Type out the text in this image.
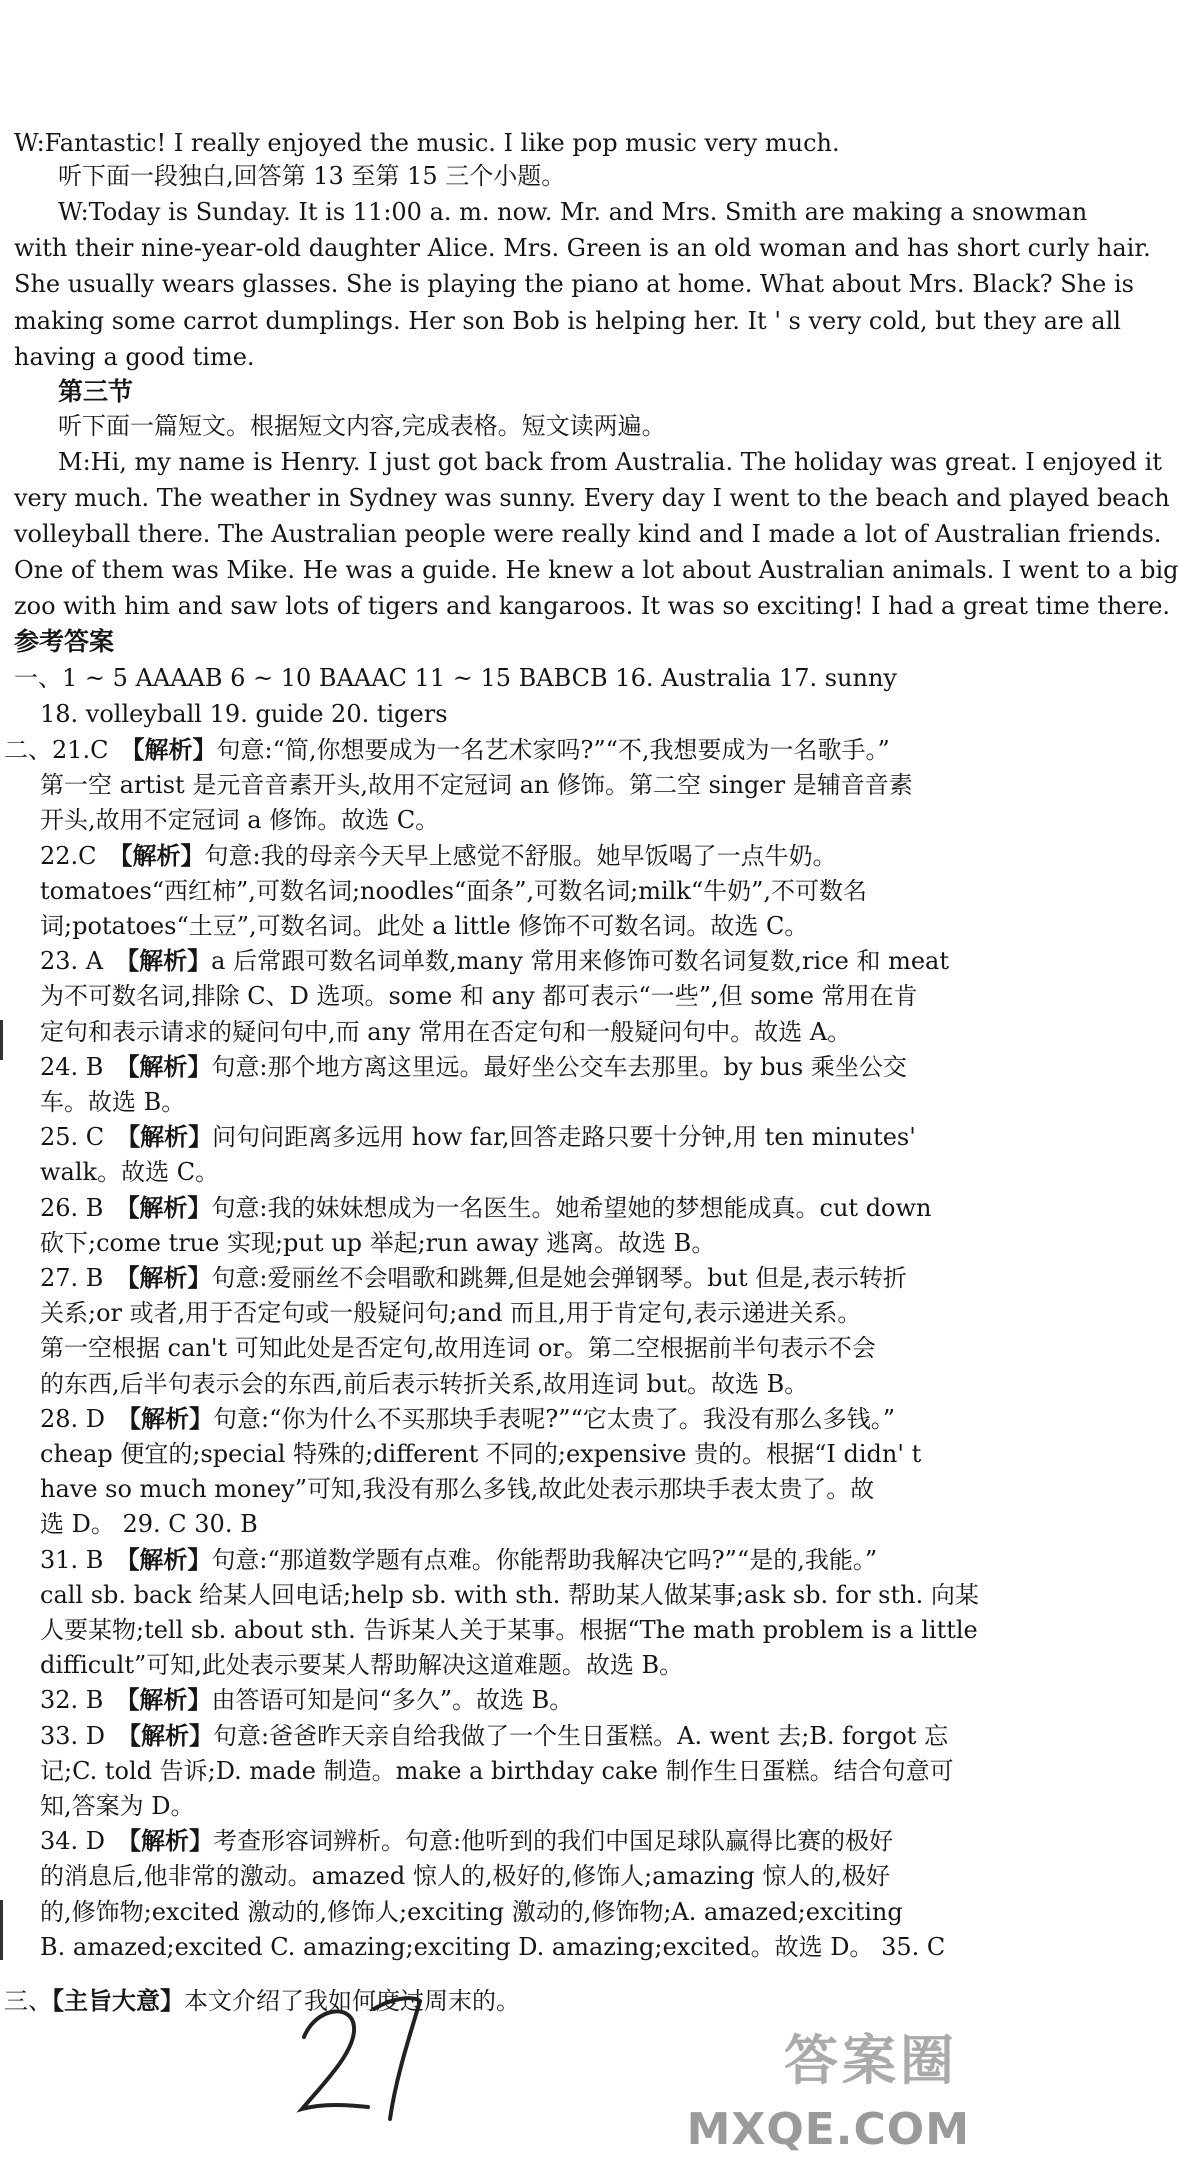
W:Fantastic! I really enjoyed the music. I like pop music very much.
听下面一段独白,回答第 13 至第 15 三个小题。
W:Today is Sunday. It is 11:00 a. m. now. Mr. and Mrs. Smith are making a snowman
with their nine-year-old daughter Alice. Mrs. Green is an old woman and has short curly hair.
She usually wears glasses. She is playing the piano at home. What about Mrs. Black? She is
making some carrot dumplings. Her son Bob is helping her. It ' s very cold, but they are all
having a good time.
第三节
听下面一篇短文。根据短文内容,完成表格。短文读两遍。
M:Hi, my name is Henry. I just got back from Australia. The holiday was great. I enjoyed it
very much. The weather in Sydney was sunny. Every day I went to the beach and played beach
volleyball there. The Australian people were really kind and I made a lot of Australian friends.
One of them was Mike. He was a guide. He knew a lot about Australian animals. I went to a big
zoo with him and saw lots of tigers and kangaroos. It was so exciting! I had a great time there.
参考答案
一、1 ~ 5 AAAAB 6 ~ 10 BAAAC 11 ~ 15 BABCB 16. Australia 17. sunny
18. volleyball 19. guide 20. tigers
三、【主旨大意】本文介绍了我如何度过周末的。
答案圈
MXQE.COM
二、21.C 【解析】句意:“简,你想要成为一名艺术家吗?”“不,我想要成为一名歌手。”
第一空 artist 是元音音素开头,故用不定冠词 an 修饰。第二空 singer 是辅音音素
开头,故用不定冠词 a 修饰。故选 C。
22.C 【解析】句意:我的母亲今天早上感觉不舒服。她早饭喝了一点牛奶。
tomatoes“西红柿”,可数名词;noodles“面条”,可数名词;milk“牛奶”,不可数名
词;potatoes“土豆”,可数名词。此处 a little 修饰不可数名词。故选 C。
23. A 【解析】a 后常跟可数名词单数,many 常用来修饰可数名词复数,rice 和 meat
为不可数名词,排除 C、D 选项。some 和 any 都可表示“一些”,但 some 常用在肯
定句和表示请求的疑问句中,而 any 常用在否定句和一般疑问句中。故选 A。
24. B 【解析】句意:那个地方离这里远。最好坐公交车去那里。by bus 乘坐公交
车。故选 B。
25. C 【解析】问句问距离多远用 how far,回答走路只要十分钟,用 ten minutes'
walk。故选 C。
26. B 【解析】句意:我的妹妹想成为一名医生。她希望她的梦想能成真。cut down
砍下;come true 实现;put up 举起;run away 逃离。故选 B。
27. B 【解析】句意:爱丽丝不会唱歌和跳舞,但是她会弹钢琴。but 但是,表示转折
关系;or 或者,用于否定句或一般疑问句;and 而且,用于肯定句,表示递进关系。
第一空根据 can't 可知此处是否定句,故用连词 or。第二空根据前半句表示不会
的东西,后半句表示会的东西,前后表示转折关系,故用连词 but。故选 B。
28. D 【解析】句意:“你为什么不买那块手表呢?”“它太贵了。我没有那么多钱。”
cheap 便宜的;special 特殊的;different 不同的;expensive 贵的。根据“I didn' t
have so much money”可知,我没有那么多钱,故此处表示那块手表太贵了。故
选 D。 29. C 30. B
31. B 【解析】句意:“那道数学题有点难。你能帮助我解决它吗?”“是的,我能。”
call sb. back 给某人回电话;help sb. with sth. 帮助某人做某事;ask sb. for sth. 向某
人要某物;tell sb. about sth. 告诉某人关于某事。根据“The math problem is a little
difficult”可知,此处表示要某人帮助解决这道难题。故选 B。
32. B 【解析】由答语可知是问“多久”。故选 B。
33. D 【解析】句意:爸爸昨天亲自给我做了一个生日蛋糕。A. went 去;B. forgot 忘
记;C. told 告诉;D. made 制造。make a birthday cake 制作生日蛋糕。结合句意可
知,答案为 D。
34. D 【解析】考查形容词辨析。句意:他听到的我们中国足球队赢得比赛的极好
的消息后,他非常的激动。amazed 惊人的,极好的,修饰人;amazing 惊人的,极好
的,修饰物;excited 激动的,修饰人;exciting 激动的,修饰物;A. amazed;exciting
B. amazed;excited C. amazing;exciting D. amazing;excited。故选 D。 35. C
